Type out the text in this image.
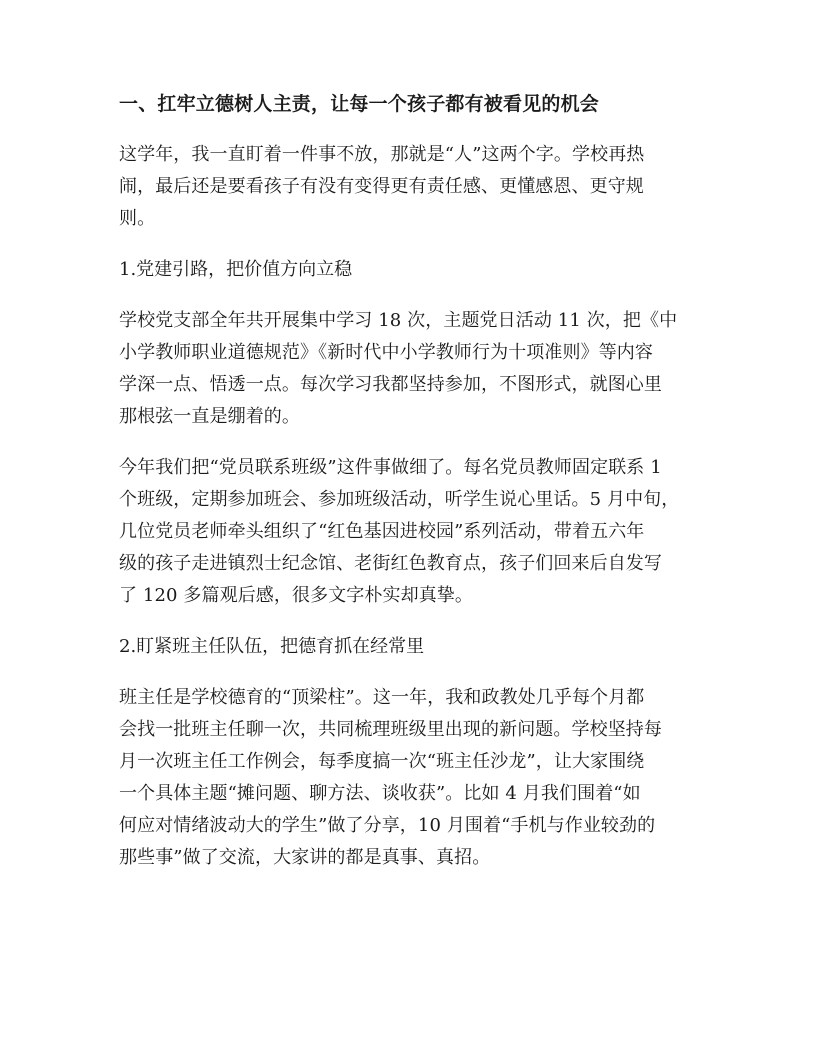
一、扛牢立德树人主责，让每一个孩子都有被看见的机会

这学年，我一直盯着一件事不放，那就是“人”这两个字。学校再热
闹，最后还是要看孩子有没有变得更有责任感、更懂感恩、更守规
则。

1.党建引路，把价值方向立稳

学校党支部全年共开展集中学习 18 次，主题党日活动 11 次，把《中
小学教师职业道德规范》《新时代中小学教师行为十项准则》等内容
学深一点、悟透一点。每次学习我都坚持参加，不图形式，就图心里
那根弦一直是绷着的。

今年我们把“党员联系班级”这件事做细了。每名党员教师固定联系 1
个班级，定期参加班会、参加班级活动，听学生说心里话。5 月中旬，
几位党员老师牵头组织了“红色基因进校园”系列活动，带着五六年
级的孩子走进镇烈士纪念馆、老街红色教育点，孩子们回来后自发写
了 120 多篇观后感，很多文字朴实却真挚。

2.盯紧班主任队伍，把德育抓在经常里

班主任是学校德育的“顶梁柱”。这一年，我和政教处几乎每个月都
会找一批班主任聊一次，共同梳理班级里出现的新问题。学校坚持每
月一次班主任工作例会，每季度搞一次“班主任沙龙”，让大家围绕
一个具体主题“摊问题、聊方法、谈收获”。比如 4 月我们围着“如
何应对情绪波动大的学生”做了分享，10 月围着“手机与作业较劲的
那些事”做了交流，大家讲的都是真事、真招。
